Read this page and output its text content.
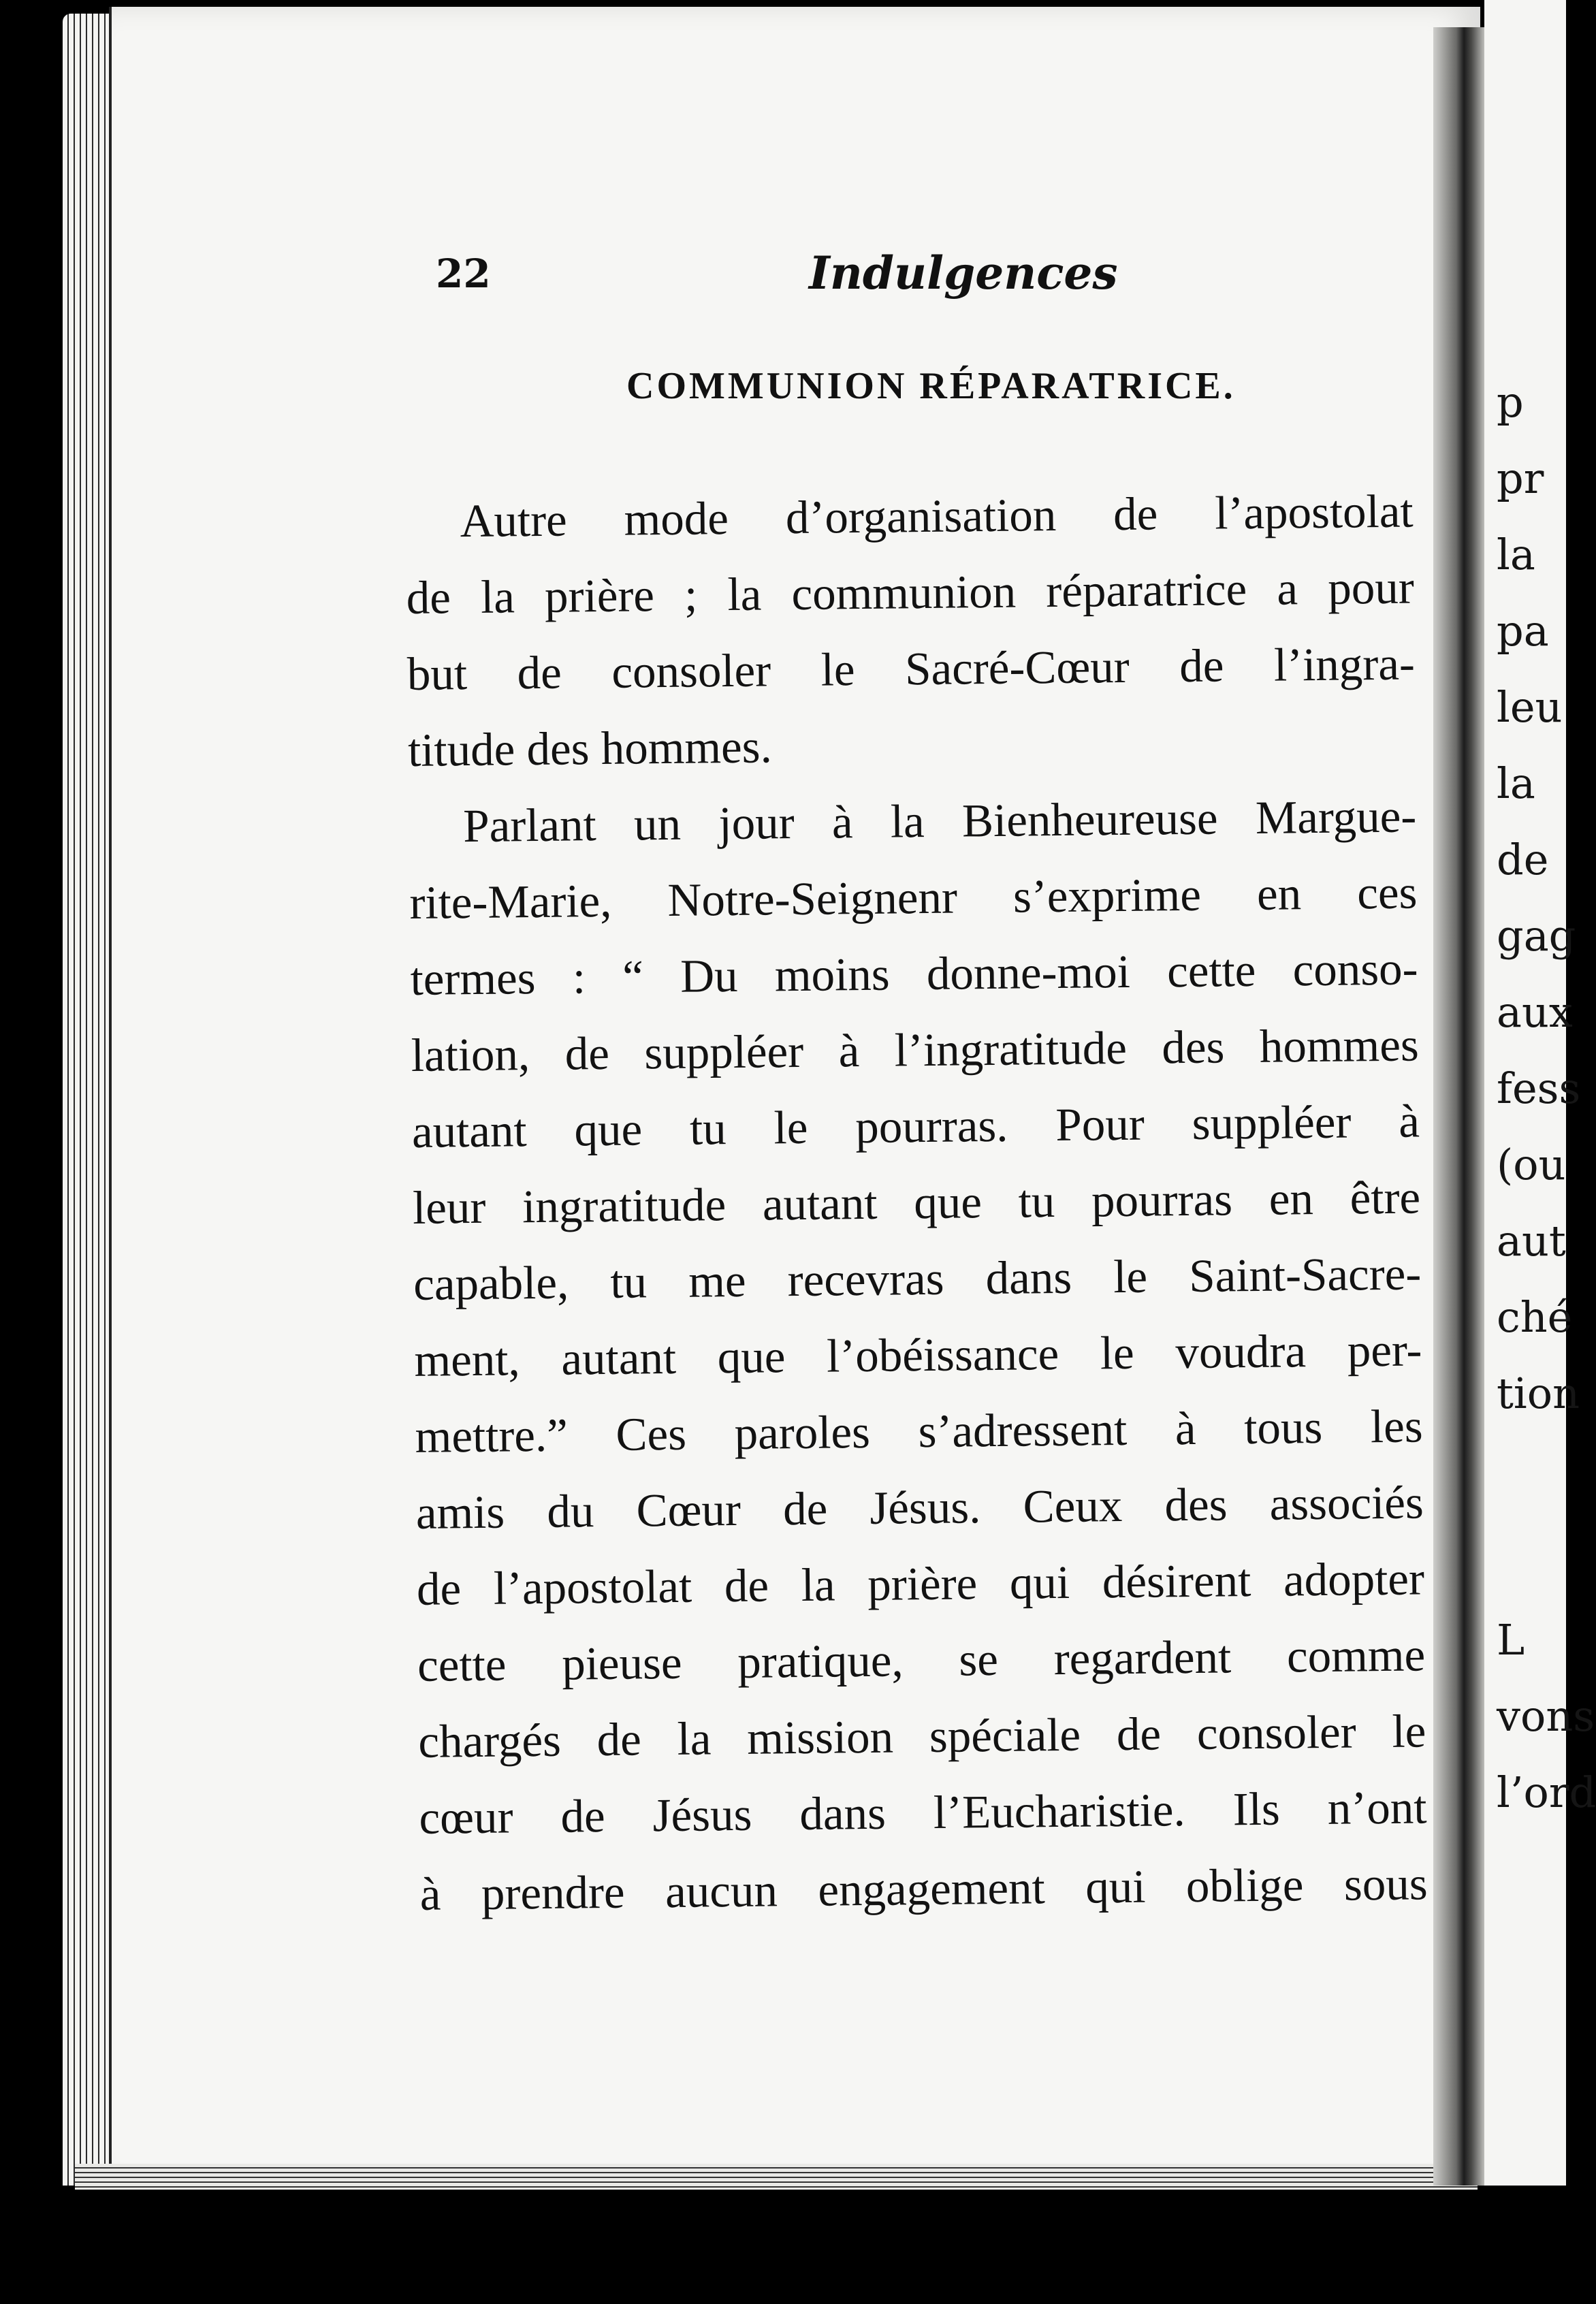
p
pr
la
pa
leu
la
de
gag
aux
fess
(ou
aut
ché
tion
L
vons
l’ord
22	Indulgences
COMMUNION RÉPARATRICE.
Autre mode d’organisation de l’apostolat
de la prière ; la communion réparatrice a pour
but de consoler le Sacré-Cœur de l’ingra-
titude des hommes.
Parlant un jour à la Bienheureuse Margue-
rite-Marie, Notre-Seignenr s’exprime en ces
termes : “ Du moins donne-moi cette conso-
lation, de suppléer à l’ingratitude des hommes
autant que tu le pourras. Pour suppléer à
leur ingratitude autant que tu pourras en être
capable, tu me recevras dans le Saint-Sacre-
ment, autant que l’obéissance le voudra per-
mettre.” Ces paroles s’adressent à tous les
amis du Cœur de Jésus. Ceux des associés
de l’apostolat de la prière qui désirent adopter
cette pieuse pratique, se regardent comme
chargés de la mission spéciale de consoler le
cœur de Jésus dans l’Eucharistie. Ils n’ont
à prendre aucun engagement qui oblige sous
